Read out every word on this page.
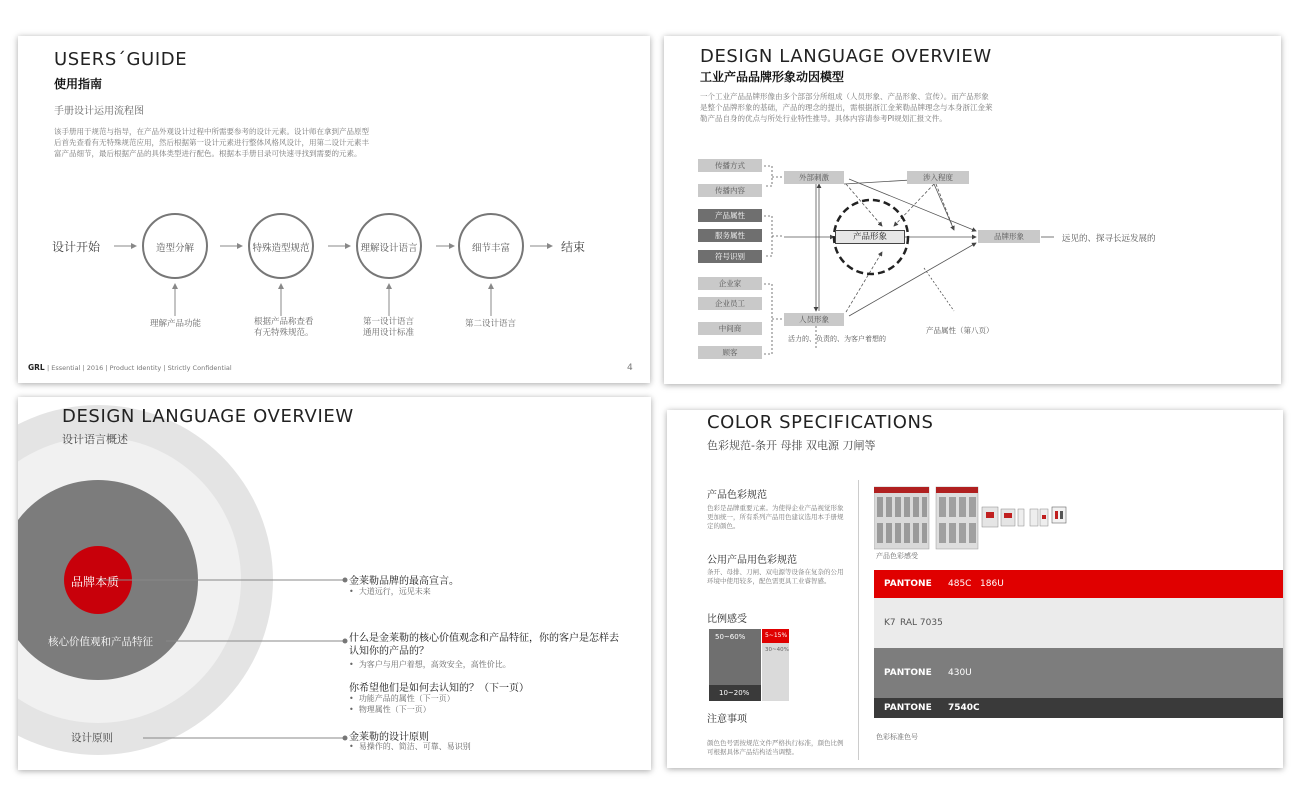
USERS´GUIDE
使用指南
手册设计运用流程图
该手册用于规范与指导，在产品外观设计过程中所需要参考的设计元素。设计师在拿到产品原型后首先查看有无特殊规范应用，然后根据第一设计元素进行整体风格风设计，用第二设计元素丰富产品细节，最后根据产品的具体类型进行配色。根据本手册目录可快速寻找到需要的元素。
设计开始	结束
造型分解	特殊造型规范	理解设计语言	细节丰富
理解产品功能	根据产品称查看有无特殊规范。
第一设计语言 通用设计标准
第二设计语言
GRL | Essential | 2016 | Product Identity | Strictly Confidential	4
DESIGN LANGUAGE OVERVIEW
工业产品品牌形象动因模型
一个工业产品品牌形像由多个部部分所组成（人员形象、产品形象、宣传）。而产品形象是整个品牌形象的基础，产品的理念的提出，需根据浙江金莱勒品牌理念与本身浙江金莱勒产品自身的优点与所处行业特性推导。具体内容请参考PI规划汇报文件。
传播方式
传播内容
产品属性
服务属性
符号识别
企业家
企业员工
中间商
顾客
外部刺激	涉入程度
产品形象	品牌形象
人员形象
远见的、探寻长远发展的
产品属性（第八页）
活力的、负责的、为客户着想的
DESIGN LANGUAGE OVERVIEW
设计语言概述
品牌本质
核心价值观和产品特征
设计原则
金莱勒品牌的最高宣言。
•  大道远行，远见未来
什么是金莱勒的核心价值观念和产品特征，你的客户是怎样去认知你的产品的？
•  为客户与用户着想，高效安全，高性价比。
你希望他们是如何去认知的？（下一页）
•  功能产品的属性（下一页）
•  物理属性（下一页）
金莱勒的设计原则
•  易操作的、简洁、可靠、易识别
COLOR SPECIFICATIONS
色彩规范-条开 母排 双电源 刀闸等
产品色彩规范
色彩是品牌重要元素。为使得企业产品视觉形象更加统一，所有系列产品用色建议选用本手册规定的颜色。
公用产品用色彩规范
条开、母排、刀闸、双电源等设备在复杂的公用环境中使用较多，配色需更具工业睿智感。
比例感受
50~60%
10~20%
5~15%
30~40%
注意事项
颜色色号需按规范文件严格执行标准，颜色比例可根据具体产品结构适当调整。
产品色彩感受
PANTONE 485C   186U
K7 RAL 7035
PANTONE 430U
PANTONE 7540C
色彩标准色号
